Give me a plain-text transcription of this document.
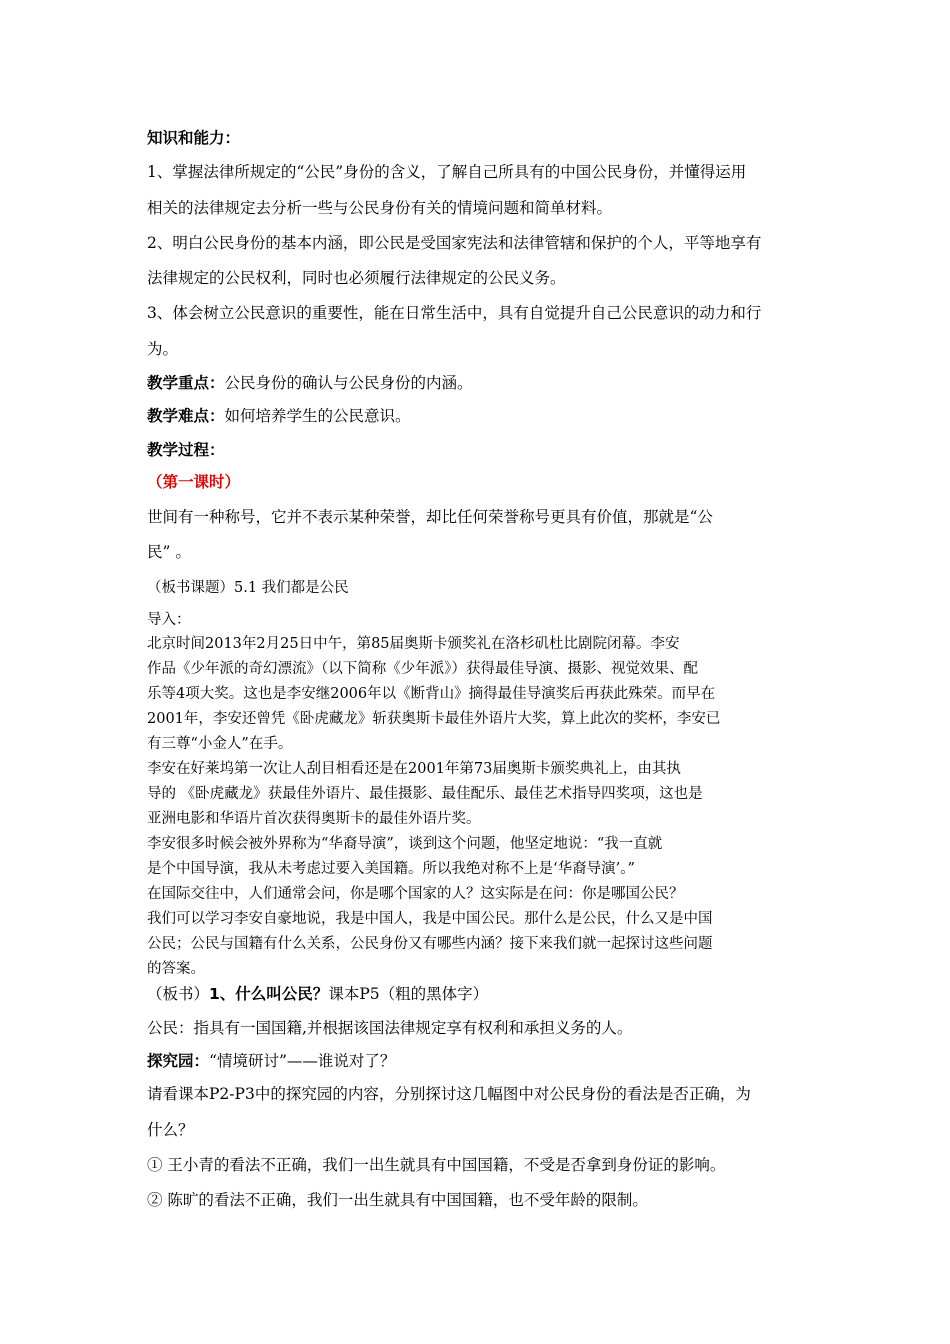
知识和能力：
1、掌握法律所规定的“公民”身份的含义，了解自己所具有的中国公民身份，并懂得运用
相关的法律规定去分析一些与公民身份有关的情境问题和简单材料。
2、明白公民身份的基本内涵，即公民是受国家宪法和法律管辖和保护的个人，平等地享有
法律规定的公民权利，同时也必须履行法律规定的公民义务。
3、体会树立公民意识的重要性，能在日常生活中，具有自觉提升自己公民意识的动力和行
为。
教学重点：公民身份的确认与公民身份的内涵。
教学难点：如何培养学生的公民意识。
教学过程：
（第一课时）
世间有一种称号，它并不表示某种荣誉，却比任何荣誉称号更具有价值，那就是“公
民” 。
（板书课题）5.1 我们都是公民
导入：
北京时间2013年2月25日中午，第85届奥斯卡颁奖礼在洛杉矶杜比剧院闭幕。李安
作品《少年派的奇幻漂流》（以下简称《少年派》）获得最佳导演、摄影、视觉效果、配
乐等4项大奖。这也是李安继2006年以《断背山》摘得最佳导演奖后再获此殊荣。而早在
2001年，李安还曾凭《卧虎藏龙》斩获奥斯卡最佳外语片大奖，算上此次的奖杯，李安已
有三尊“小金人”在手。
李安在好莱坞第一次让人刮目相看还是在2001年第73届奥斯卡颁奖典礼上，由其执
导的 《卧虎藏龙》获最佳外语片、最佳摄影、最佳配乐、最佳艺术指导四奖项，这也是
亚洲电影和华语片首次获得奥斯卡的最佳外语片奖。
李安很多时候会被外界称为“华裔导演”，谈到这个问题，他坚定地说：“我一直就
是个中国导演，我从未考虑过要入美国籍。所以我绝对称不上是‘华裔导演’。”
在国际交往中，人们通常会问，你是哪个国家的人？这实际是在问：你是哪国公民？
我们可以学习李安自豪地说，我是中国人，我是中国公民。那什么是公民，什么又是中国
公民；公民与国籍有什么关系，公民身份又有哪些内涵？接下来我们就一起探讨这些问题
的答案。
（板书）1、什么叫公民？课本P5（粗的黑体字）
公民：指具有一国国籍,并根据该国法律规定享有权利和承担义务的人。
探究园：“情境研讨”——谁说对了？
请看课本P2-P3中的探究园的内容，分别探讨这几幅图中对公民身份的看法是否正确，为
什么？
① 王小青的看法不正确，我们一出生就具有中国国籍，不受是否拿到身份证的影响。
② 陈旷的看法不正确，我们一出生就具有中国国籍，也不受年龄的限制。
